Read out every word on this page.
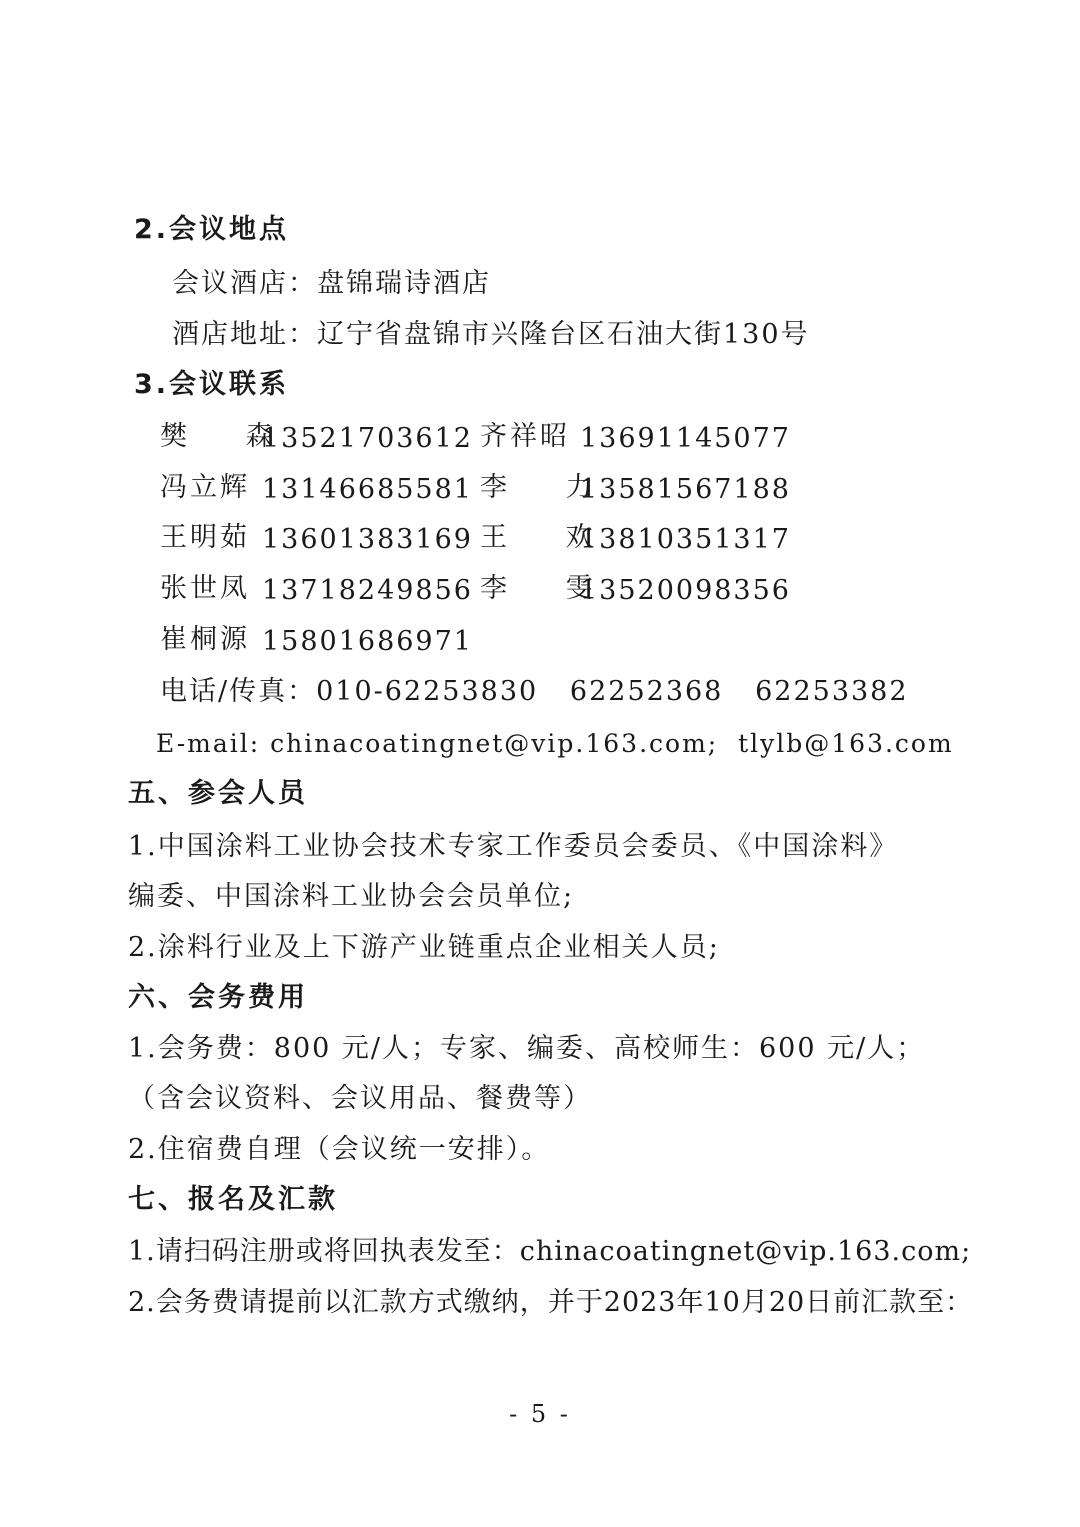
2.会议地点
会议酒店：盘锦瑞诗酒店
酒店地址：辽宁省盘锦市兴隆台区石油大街130号
3.会议联系
樊 森
13521703612 齐祥昭 13691145077
冯立辉 13146685581 李 力
13581567188
王明茹 13601383169 王 欢
13810351317
张世凤 13718249856 李 雯
13520098356
崔桐源 15801686971
电话/传真：010-62253830   62252368   62253382
E-mail: chinacoatingnet@vip.163.com;  tlylb@163.com
五、参会人员
1.中国涂料工业协会技术专家工作委员会委员、《中国涂料》
编委、中国涂料工业协会会员单位;
2.涂料行业及上下游产业链重点企业相关人员;
六、会务费用
1.会务费：800 元/人；专家、编委、高校师生：600 元/人；
（含会议资料、会议用品、餐费等）
2.住宿费自理（会议统一安排）。
七、报名及汇款
1.请扫码注册或将回执表发至：chinacoatingnet@vip.163.com;
2.会务费请提前以汇款方式缴纳，并于2023年10月20日前汇款至：
- 5 -
